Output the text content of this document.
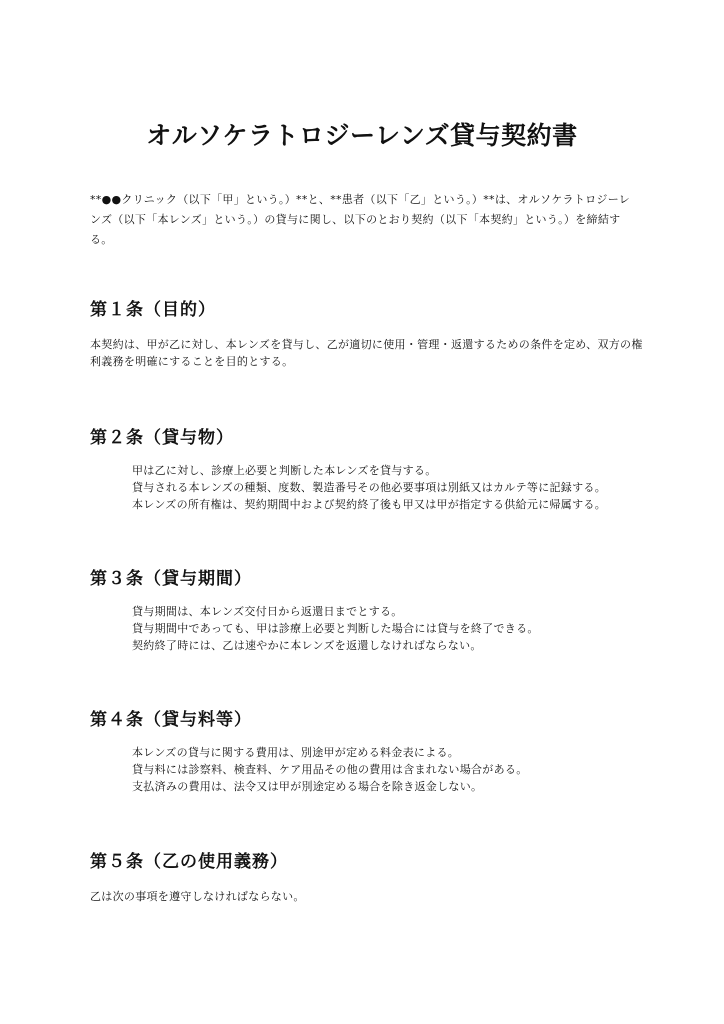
オルソケラトロジーレンズ貸与契約書

**●●クリニック（以下「甲」という。）**と、**患者（以下「乙」という。）**は、オルソケラトロジーレンズ（以下「本レンズ」という。）の貸与に関し、以下のとおり契約（以下「本契約」という。）を締結する。

第１条（目的）

本契約は、甲が乙に対し、本レンズを貸与し、乙が適切に使用・管理・返還するための条件を定め、双方の権利義務を明確にすることを目的とする。

第２条（貸与物）
甲は乙に対し、診療上必要と判断した本レンズを貸与する。
貸与される本レンズの種類、度数、製造番号その他必要事項は別紙又はカルテ等に記録する。
本レンズの所有権は、契約期間中および契約終了後も甲又は甲が指定する供給元に帰属する。
第３条（貸与期間）
貸与期間は、本レンズ交付日から返還日までとする。
貸与期間中であっても、甲は診療上必要と判断した場合には貸与を終了できる。
契約終了時には、乙は速やかに本レンズを返還しなければならない。
第４条（貸与料等）
本レンズの貸与に関する費用は、別途甲が定める料金表による。
貸与料には診察料、検査料、ケア用品その他の費用は含まれない場合がある。
支払済みの費用は、法令又は甲が別途定める場合を除き返金しない。
第５条（乙の使用義務）

乙は次の事項を遵守しなければならない。
